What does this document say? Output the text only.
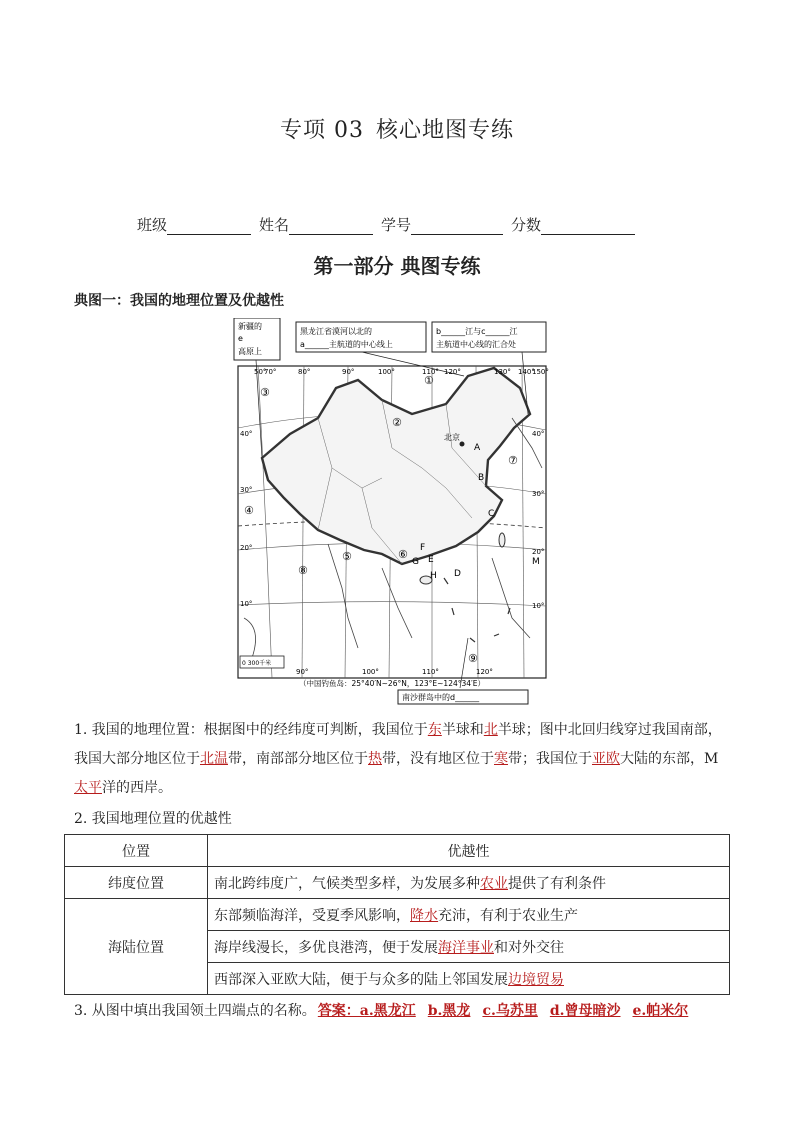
专项 03 核心地图专练
班级	姓名	学号	分数
第一部分 典图专练
典图一：我国的地理位置及优越性
新疆的
e
高原上
黑龙江省漠河以北的
a______主航道的中心线上
b______江与c______江
主航道中心线的汇合处
50°
70°	80°	90°	100°	110° 120°	130° 140°
150°
40°
30°
20°
10°
40°
30°
20°
10°
90°	100°	110°	120°
①
②
③
④
⑤	⑥
⑦
⑧
⑨
A
B
C
D
E
F
G
H
M
北京
0 300千米
（中国钓鱼岛：25°40′N~26°N，123°E~124°34′E）
南沙群岛中的d______
1. 我国的地理位置：根据图中的经纬度可判断，我国位于东半球和北半球；图中北回归线穿过我国南部，我国大部分地区位于北温带，南部部分地区位于热带，没有地区位于寒带；我国位于亚欧大陆的东部，M太平洋的西岸。
2. 我国地理位置的优越性
位置	优越性
纬度位置	南北跨纬度广，气候类型多样，为发展多种农业提供了有利条件
海陆位置	东部频临海洋，受夏季风影响，降水充沛，有利于农业生产
	海岸线漫长，多优良港湾，便于发展海洋事业和对外交往
	西部深入亚欧大陆，便于与众多的陆上邻国发展边境贸易
3. 从图中填出我国领土四端点的名称。 答案：a.黑龙江 b.黑龙 c.乌苏里 d.曾母暗沙 e.帕米尔
